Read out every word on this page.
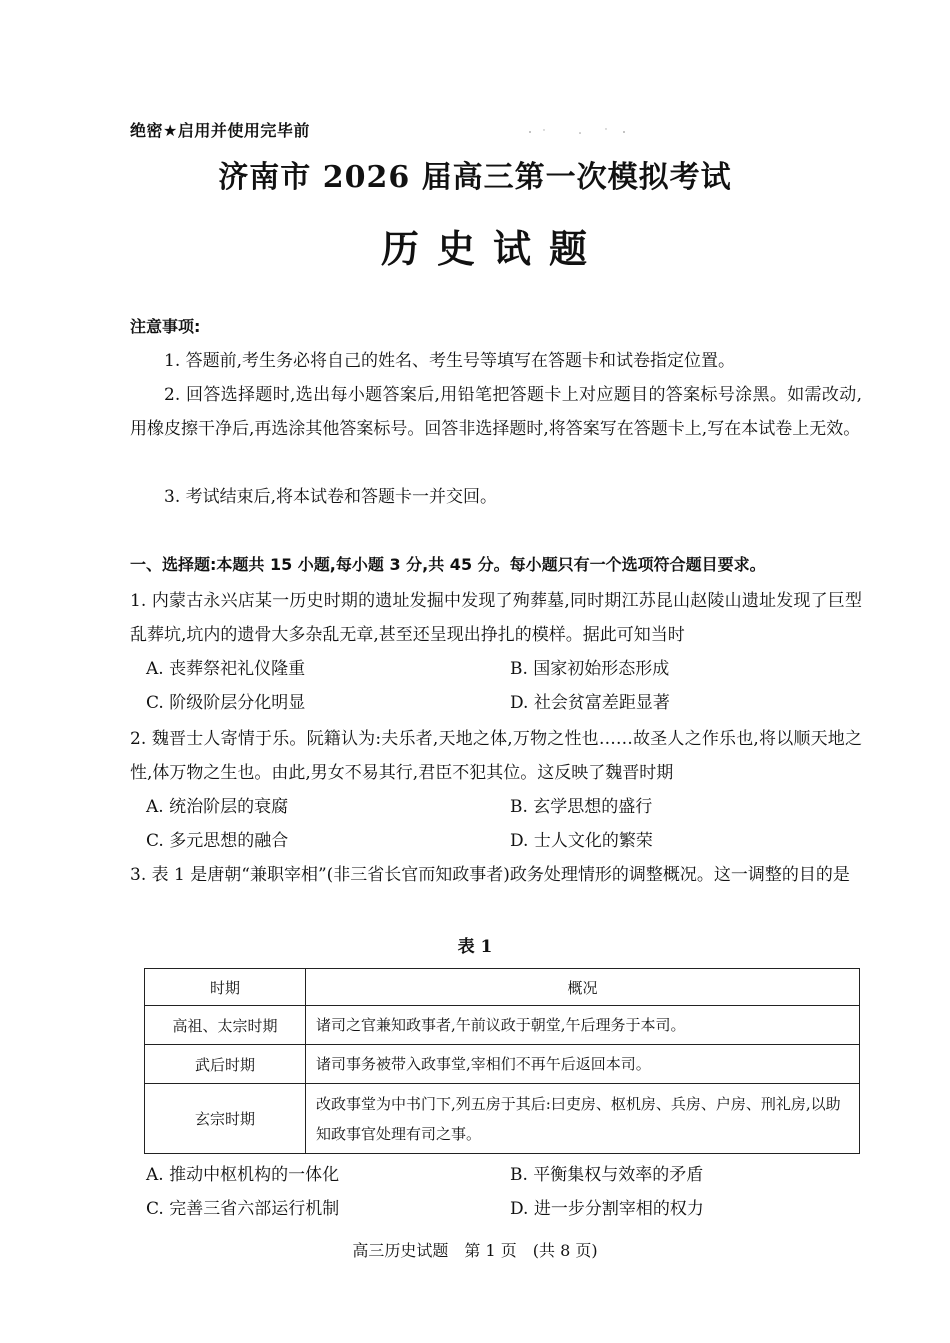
绝密★启用并使用完毕前
济南市 2026 届高三第一次模拟考试
历史试题
注意事项:
1. 答题前,考生务必将自己的姓名、考生号等填写在答题卡和试卷指定位置。
2. 回答选择题时,选出每小题答案后,用铅笔把答题卡上对应题目的答案标号涂黑。如需改动,用橡皮擦干净后,再选涂其他答案标号。回答非选择题时,将答案写在答题卡上,写在本试卷上无效。
3. 考试结束后,将本试卷和答题卡一并交回。
一、选择题:本题共 15 小题,每小题 3 分,共 45 分。每小题只有一个选项符合题目要求。
1. 内蒙古永兴店某一历史时期的遗址发掘中发现了殉葬墓,同时期江苏昆山赵陵山遗址发现了巨型乱葬坑,坑内的遗骨大多杂乱无章,甚至还呈现出挣扎的模样。据此可知当时
A. 丧葬祭祀礼仪隆重	B. 国家初始形态形成
C. 阶级阶层分化明显	D. 社会贫富差距显著
2. 魏晋士人寄情于乐。阮籍认为:夫乐者,天地之体,万物之性也……故圣人之作乐也,将以顺天地之性,体万物之生也。由此,男女不易其行,君臣不犯其位。这反映了魏晋时期
A. 统治阶层的衰腐	B. 玄学思想的盛行
C. 多元思想的融合	D. 士人文化的繁荣
3. 表 1 是唐朝“兼职宰相”(非三省长官而知政事者)政务处理情形的调整概况。这一调整的目的是
表 1
时期	概况
高祖、太宗时期	诸司之官兼知政事者,午前议政于朝堂,午后理务于本司。
武后时期	诸司事务被带入政事堂,宰相们不再午后返回本司。
玄宗时期	改政事堂为中书门下,列五房于其后:曰吏房、枢机房、兵房、户房、刑礼房,以助知政事官处理有司之事。
A. 推动中枢机构的一体化	B. 平衡集权与效率的矛盾
C. 完善三省六部运行机制	D. 进一步分割宰相的权力
高三历史试题　第 1 页　(共 8 页)
